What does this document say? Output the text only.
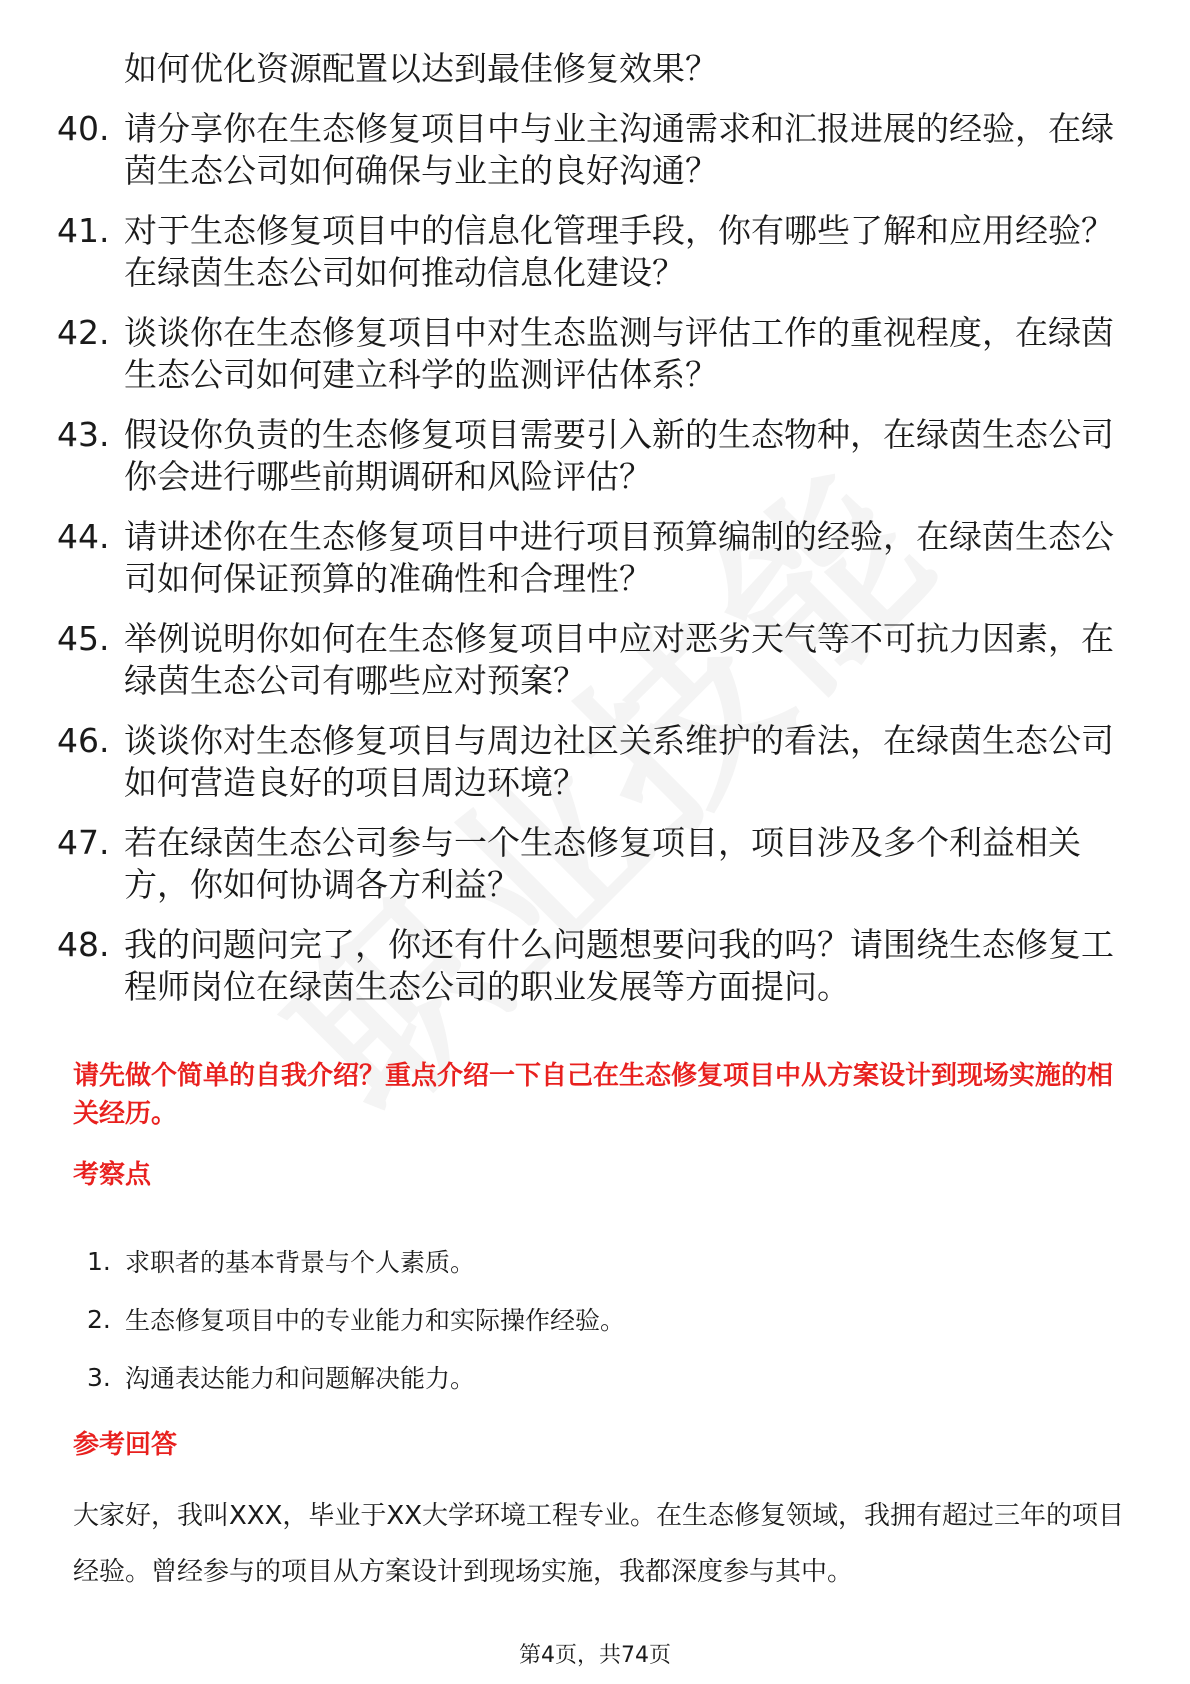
如何优化资源配置以达到最佳修复效果？
40. 请分享你在生态修复项目中与业主沟通需求和汇报进展的经验，在绿茵生态公司如何确保与业主的良好沟通？
41. 对于生态修复项目中的信息化管理手段，你有哪些了解和应用经验？在绿茵生态公司如何推动信息化建设？
42. 谈谈你在生态修复项目中对生态监测与评估工作的重视程度，在绿茵生态公司如何建立科学的监测评估体系？
43. 假设你负责的生态修复项目需要引入新的生态物种，在绿茵生态公司你会进行哪些前期调研和风险评估？
44. 请讲述你在生态修复项目中进行项目预算编制的经验，在绿茵生态公司如何保证预算的准确性和合理性？
45. 举例说明你如何在生态修复项目中应对恶劣天气等不可抗力因素，在绿茵生态公司有哪些应对预案？
46. 谈谈你对生态修复项目与周边社区关系维护的看法，在绿茵生态公司如何营造良好的项目周边环境？
47. 若在绿茵生态公司参与一个生态修复项目，项目涉及多个利益相关方，你如何协调各方利益？
48. 我的问题问完了，你还有什么问题想要问我的吗？请围绕生态修复工程师岗位在绿茵生态公司的职业发展等方面提问。
请先做个简单的自我介绍？重点介绍一下自己在生态修复项目中从方案设计到现场实施的相关经历。
考察点
1. 求职者的基本背景与个人素质。
2. 生态修复项目中的专业能力和实际操作经验。
3. 沟通表达能力和问题解决能力。
参考回答
大家好，我叫XXX，毕业于XX大学环境工程专业。在生态修复领域，我拥有超过三年的项目经验。曾经参与的项目从方案设计到现场实施，我都深度参与其中。
第4页，共74页
